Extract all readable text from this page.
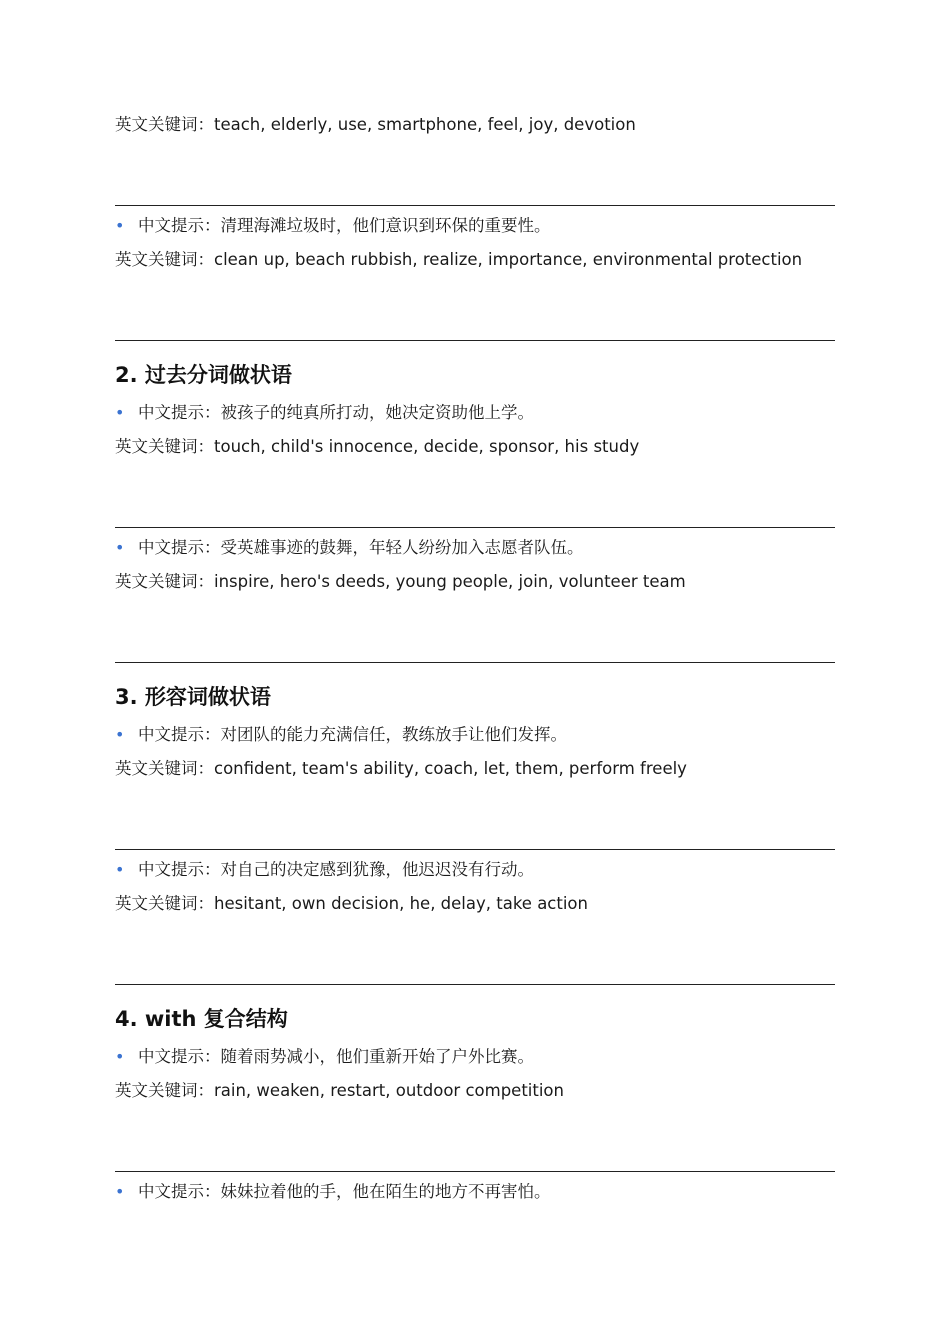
英文关键词：teach, elderly, use, smartphone, feel, joy, devotion
• 中文提示：清理海滩垃圾时，他们意识到环保的重要性。
英文关键词：clean up, beach rubbish, realize, importance, environmental protection
2. 过去分词做状语
• 中文提示：被孩子的纯真所打动，她决定资助他上学。
英文关键词：touch, child's innocence, decide, sponsor, his study
• 中文提示：受英雄事迹的鼓舞，年轻人纷纷加入志愿者队伍。
英文关键词：inspire, hero's deeds, young people, join, volunteer team
3. 形容词做状语
• 中文提示：对团队的能力充满信任，教练放手让他们发挥。
英文关键词：confident, team's ability, coach, let, them, perform freely
• 中文提示：对自己的决定感到犹豫，他迟迟没有行动。
英文关键词：hesitant, own decision, he, delay, take action
4. with 复合结构
• 中文提示：随着雨势减小，他们重新开始了户外比赛。
英文关键词：rain, weaken, restart, outdoor competition
• 中文提示：妹妹拉着他的手，他在陌生的地方不再害怕。
